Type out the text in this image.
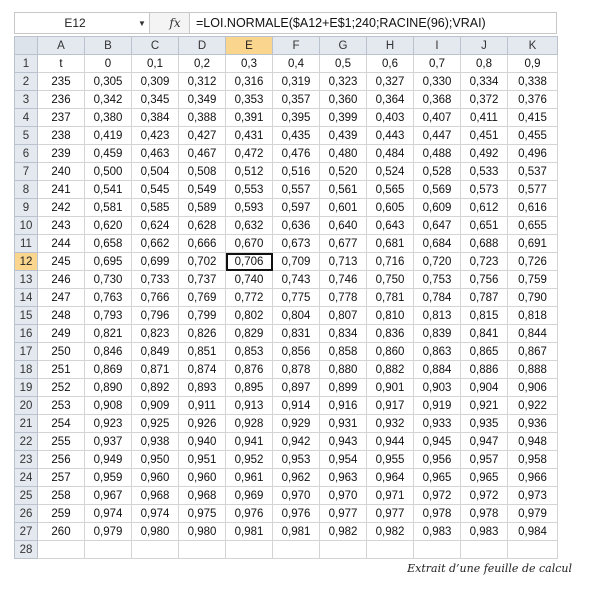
E12	▼	fx	=LOI.NORMALE($A12+E$1;240;RACINE(96);VRAI)
	A	B	C	D	E	F	G	H	I	J	K
1	t	0	0,1	0,2	0,3	0,4	0,5	0,6	0,7	0,8	0,9
2	235	0,305	0,309	0,312	0,316	0,319	0,323	0,327	0,330	0,334	0,338
3	236	0,342	0,345	0,349	0,353	0,357	0,360	0,364	0,368	0,372	0,376
4	237	0,380	0,384	0,388	0,391	0,395	0,399	0,403	0,407	0,411	0,415
5	238	0,419	0,423	0,427	0,431	0,435	0,439	0,443	0,447	0,451	0,455
6	239	0,459	0,463	0,467	0,472	0,476	0,480	0,484	0,488	0,492	0,496
7	240	0,500	0,504	0,508	0,512	0,516	0,520	0,524	0,528	0,533	0,537
8	241	0,541	0,545	0,549	0,553	0,557	0,561	0,565	0,569	0,573	0,577
9	242	0,581	0,585	0,589	0,593	0,597	0,601	0,605	0,609	0,612	0,616
10	243	0,620	0,624	0,628	0,632	0,636	0,640	0,643	0,647	0,651	0,655
11	244	0,658	0,662	0,666	0,670	0,673	0,677	0,681	0,684	0,688	0,691
12	245	0,695	0,699	0,702	0,706	0,709	0,713	0,716	0,720	0,723	0,726
13	246	0,730	0,733	0,737	0,740	0,743	0,746	0,750	0,753	0,756	0,759
14	247	0,763	0,766	0,769	0,772	0,775	0,778	0,781	0,784	0,787	0,790
15	248	0,793	0,796	0,799	0,802	0,804	0,807	0,810	0,813	0,815	0,818
16	249	0,821	0,823	0,826	0,829	0,831	0,834	0,836	0,839	0,841	0,844
17	250	0,846	0,849	0,851	0,853	0,856	0,858	0,860	0,863	0,865	0,867
18	251	0,869	0,871	0,874	0,876	0,878	0,880	0,882	0,884	0,886	0,888
19	252	0,890	0,892	0,893	0,895	0,897	0,899	0,901	0,903	0,904	0,906
20	253	0,908	0,909	0,911	0,913	0,914	0,916	0,917	0,919	0,921	0,922
21	254	0,923	0,925	0,926	0,928	0,929	0,931	0,932	0,933	0,935	0,936
22	255	0,937	0,938	0,940	0,941	0,942	0,943	0,944	0,945	0,947	0,948
23	256	0,949	0,950	0,951	0,952	0,953	0,954	0,955	0,956	0,957	0,958
24	257	0,959	0,960	0,960	0,961	0,962	0,963	0,964	0,965	0,965	0,966
25	258	0,967	0,968	0,968	0,969	0,970	0,970	0,971	0,972	0,972	0,973
26	259	0,974	0,974	0,975	0,976	0,976	0,977	0,977	0,978	0,978	0,979
27	260	0,979	0,980	0,980	0,981	0,981	0,982	0,982	0,983	0,983	0,984
28											
Extrait d’une feuille de calcul
